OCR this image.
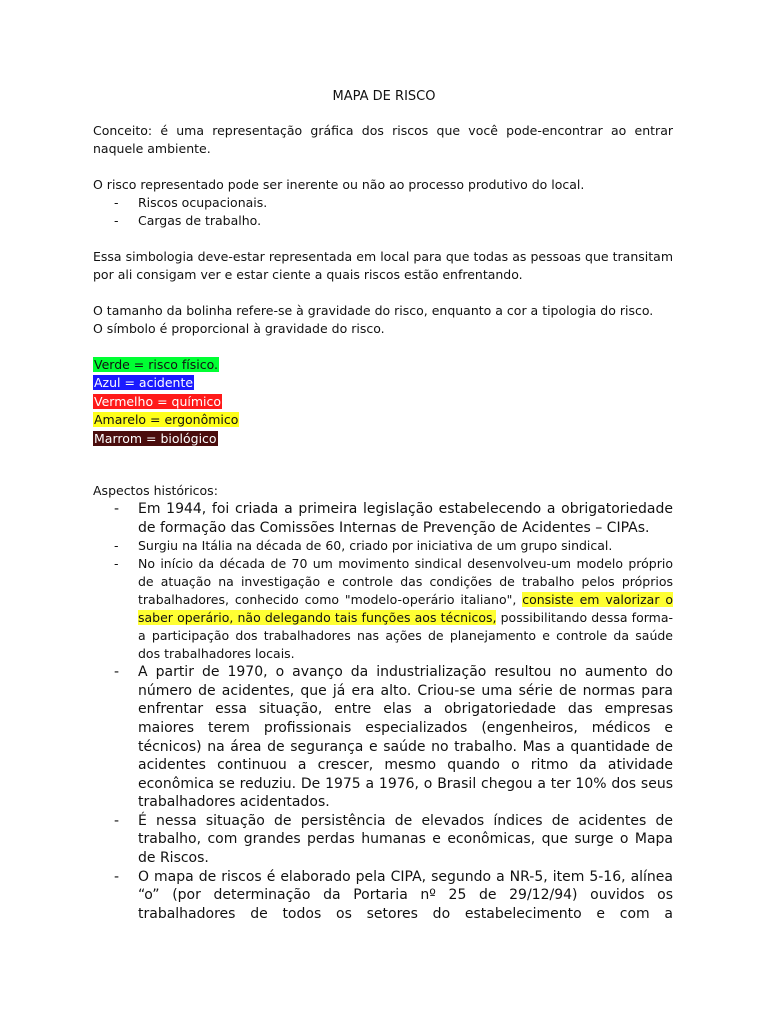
MAPA DE RISCO

Conceito: é uma representação gráfica dos riscos que você pode-encontrar ao entrar naquele ambiente.

O risco representado pode ser inerente ou não ao processo produtivo do local.

- Riscos ocupacionais.
- Cargas de trabalho.

Essa simbologia deve-estar representada em local para que todas as pessoas que transitam por ali consigam ver e estar ciente a quais riscos estão enfrentando.

O tamanho da bolinha refere-se à gravidade do risco, enquanto a cor a tipologia do risco.

O símbolo é proporcional à gravidade do risco.

Verde = risco físico.
Azul = acidente
Vermelho = químico
Amarelo = ergonômico
Marrom = biológico

Aspectos históricos:

- Em 1944, foi criada a primeira legislação estabelecendo a obrigatoriedade de formação das Comissões Internas de Prevenção de Acidentes – CIPAs.
- Surgiu na Itália na década de 60, criado por iniciativa de um grupo sindical.
- No início da década de 70 um movimento sindical desenvolveu-um modelo próprio de atuação na investigação e controle das condições de trabalho pelos próprios trabalhadores, conhecido como "modelo-operário italiano", consiste em valorizar o saber operário, não delegando tais funções aos técnicos, possibilitando dessa forma-a participação dos trabalhadores nas ações de planejamento e controle da saúde dos trabalhadores locais.
- A partir de 1970, o avanço da industrialização resultou no aumento do número de acidentes, que já era alto. Criou-se uma série de normas para enfrentar essa situação, entre elas a obrigatoriedade das empresas maiores terem profissionais especializados (engenheiros, médicos e técnicos) na área de segurança e saúde no trabalho. Mas a quantidade de acidentes continuou a crescer, mesmo quando o ritmo da atividade econômica se reduziu. De 1975 a 1976, o Brasil chegou a ter 10% dos seus trabalhadores acidentados.
- É nessa situação de persistência de elevados índices de acidentes de trabalho, com grandes perdas humanas e econômicas, que surge o Mapa de Riscos.
- O mapa de riscos é elaborado pela CIPA, segundo a NR-5, item 5-16, alínea “o” (por determinação da Portaria nº 25 de 29/12/94) ouvidos os trabalhadores de todos os setores do estabelecimento e com a
